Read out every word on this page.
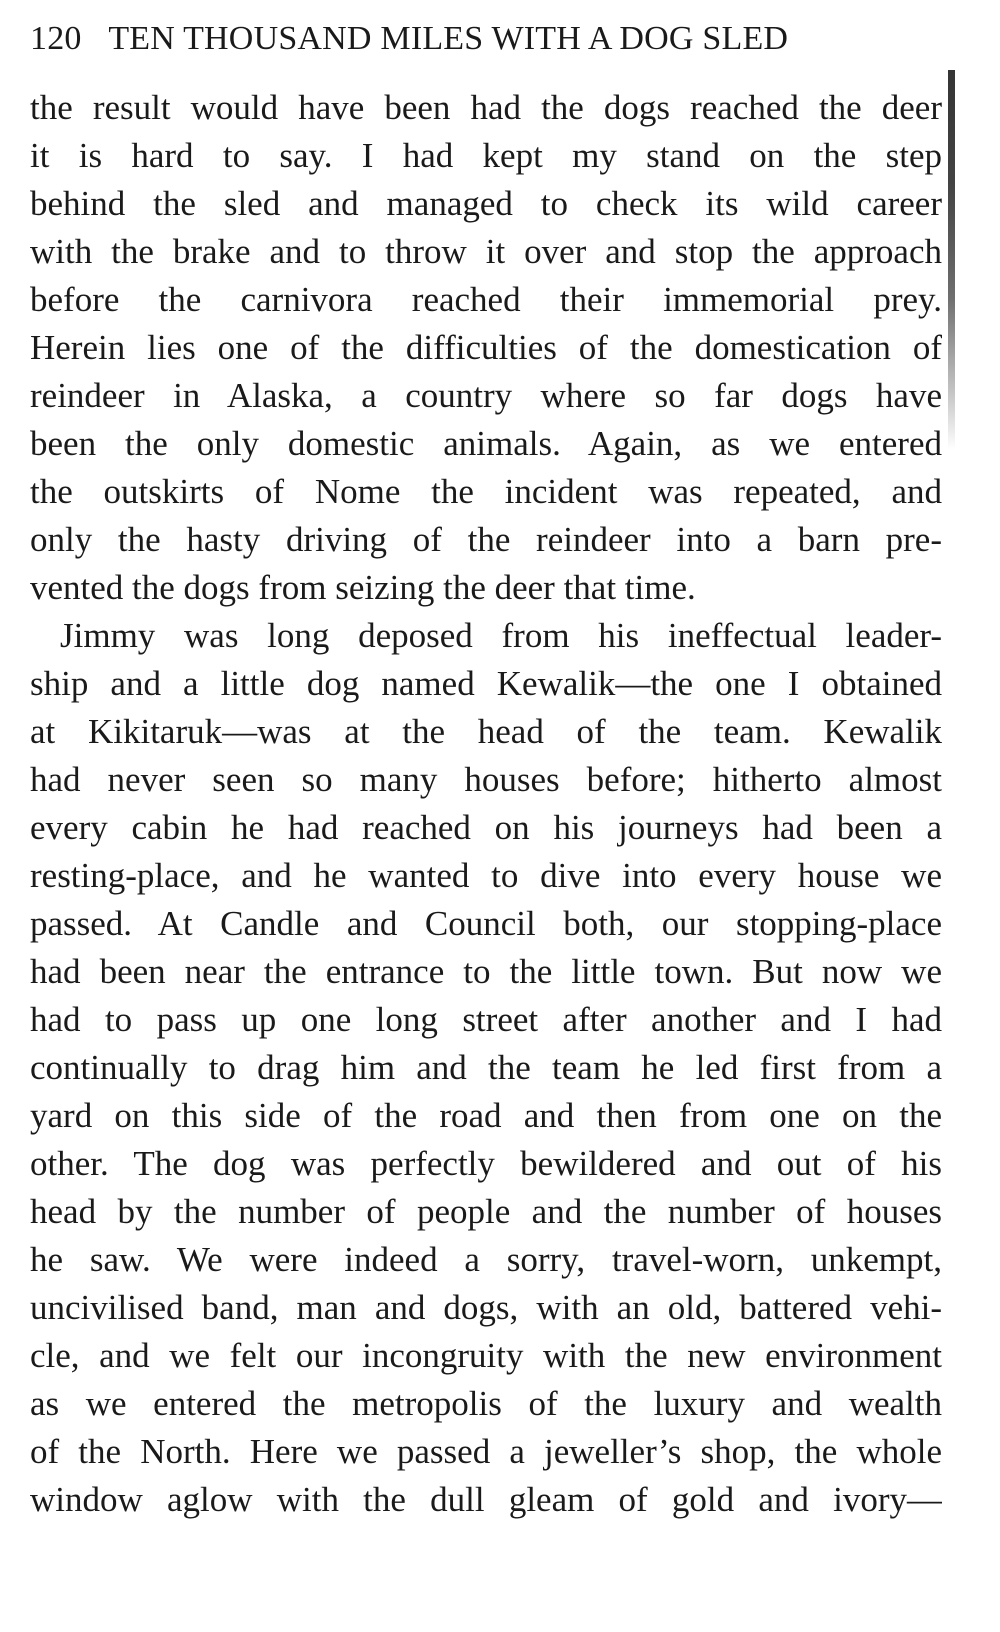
120 TEN THOUSAND MILES WITH A DOG SLED
the result would have been had the dogs reached the deer
it is hard to say. I had kept my stand on the step
behind the sled and managed to check its wild career
with the brake and to throw it over and stop the approach
before the carnivora reached their immemorial prey.
Herein lies one of the difficulties of the domestication of
reindeer in Alaska, a country where so far dogs have
been the only domestic animals. Again, as we entered
the outskirts of Nome the incident was repeated, and
only the hasty driving of the reindeer into a barn pre-
vented the dogs from seizing the deer that time.
Jimmy was long deposed from his ineffectual leader-
ship and a little dog named Kewalik—the one I obtained
at Kikitaruk—was at the head of the team. Kewalik
had never seen so many houses before; hitherto almost
every cabin he had reached on his journeys had been a
resting-place, and he wanted to dive into every house we
passed. At Candle and Council both, our stopping-place
had been near the entrance to the little town. But now we
had to pass up one long street after another and I had
continually to drag him and the team he led first from a
yard on this side of the road and then from one on the
other. The dog was perfectly bewildered and out of his
head by the number of people and the number of houses
he saw. We were indeed a sorry, travel-worn, unkempt,
uncivilised band, man and dogs, with an old, battered vehi-
cle, and we felt our incongruity with the new environment
as we entered the metropolis of the luxury and wealth
of the North. Here we passed a jeweller’s shop, the whole
window aglow with the dull gleam of gold and ivory—
